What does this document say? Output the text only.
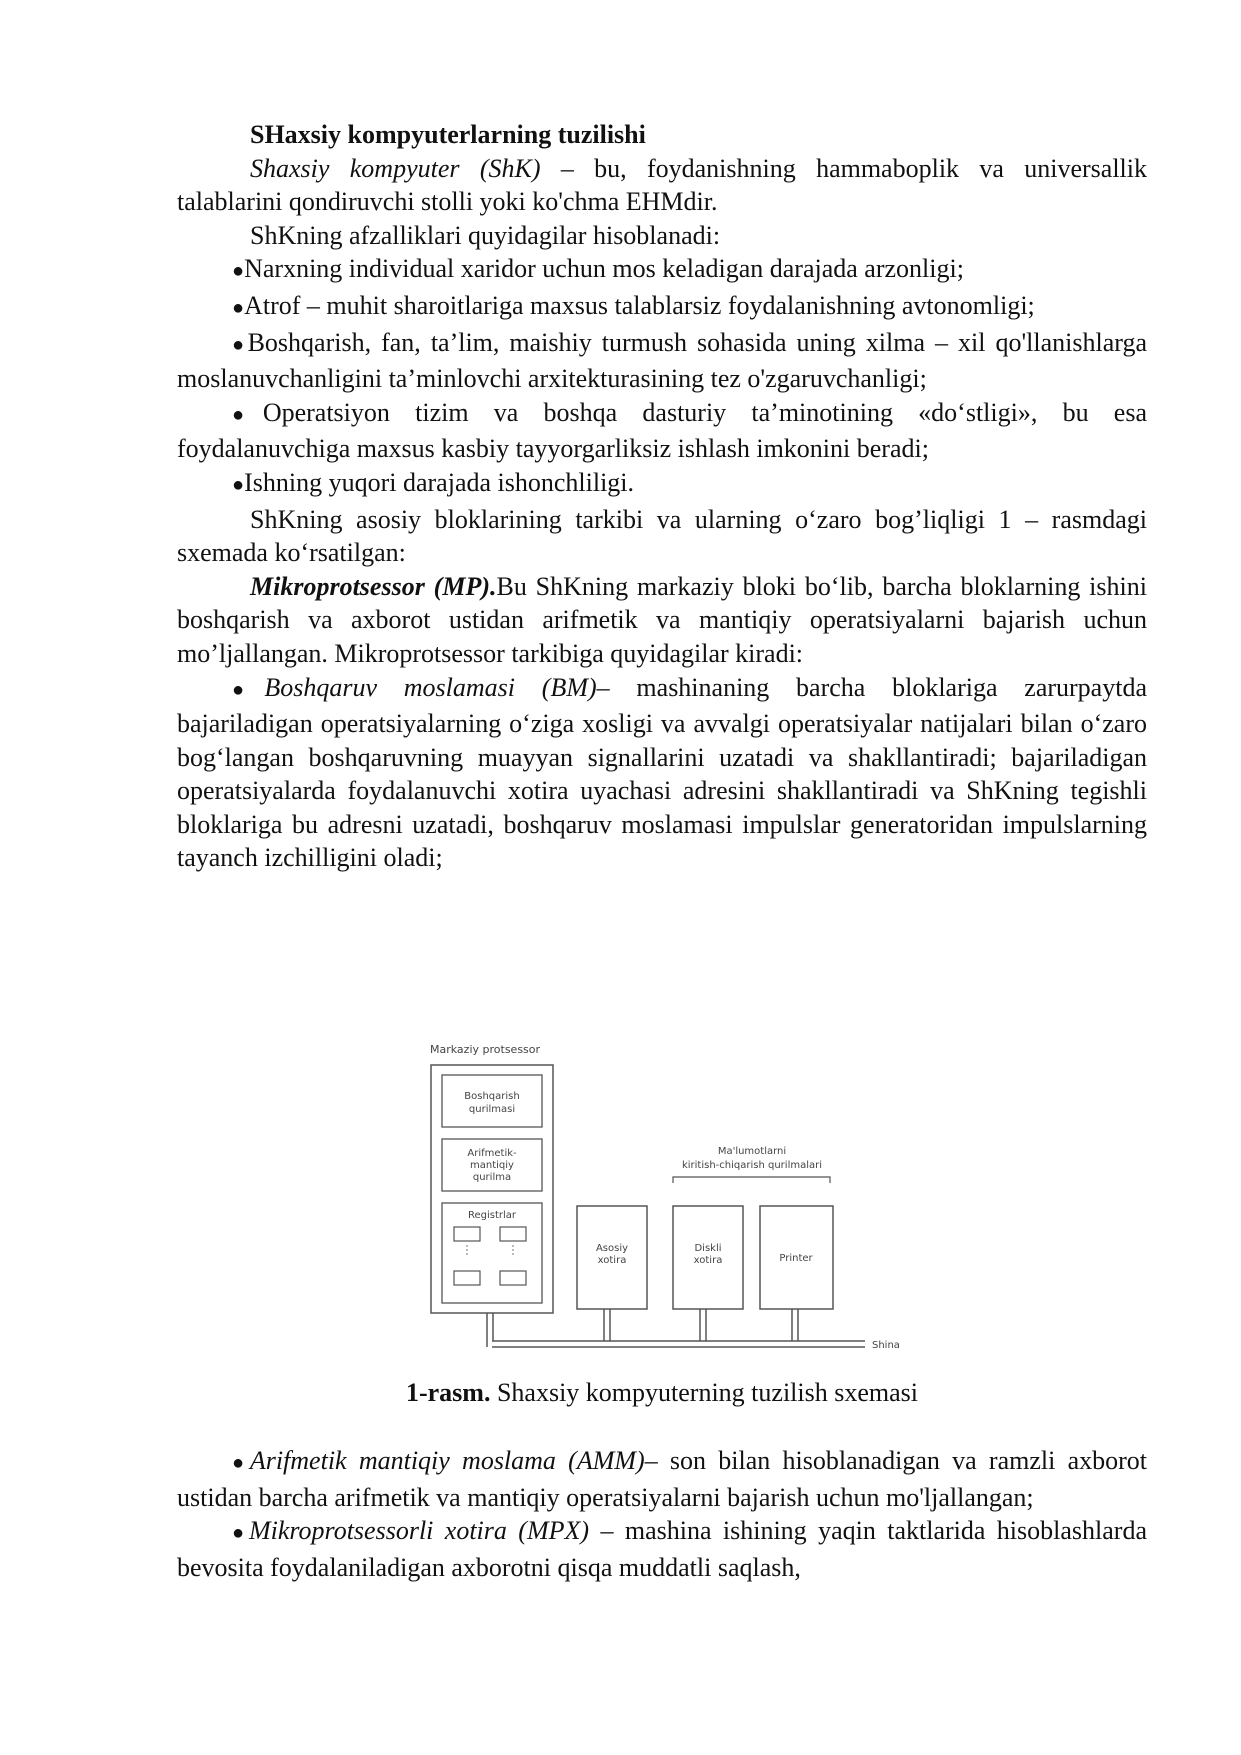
SHaxsiy kompyuterlarning tuzilishi

Shaxsiy kompyuter (ShK) – bu, foydanishning hammaboplik va universallik talablarini qondiruvchi stolli yoki ko'chma EHMdir.

ShKning afzalliklari quyidagilar hisoblanadi:

●Narxning individual xaridor uchun mos keladigan darajada arzonligi;

●Atrof – muhit sharoitlariga maxsus talablarsiz foydalanishning avtonomligi;

●Boshqarish, fan, ta’lim, maishiy turmush sohasida uning xilma – xil qo'llanishlarga moslanuvchanligini ta’minlovchi arxitekturasining tez o'zgaruvchanligi;

●Operatsiyon tizim va boshqa dasturiy ta’minotining «do‘stligi», bu esa foydalanuvchiga maxsus kasbiy tayyorgarliksiz ishlash imkonini beradi;

●Ishning yuqori darajada ishonchliligi.

ShKning asosiy bloklarining tarkibi va ularning o‘zaro bog’liqligi 1 – rasmdagi sxemada ko‘rsatilgan:

Mikroprotsessor (MP).Bu ShKning markaziy bloki bo‘lib, barcha bloklarning ishini boshqarish va axborot ustidan arifmetik va mantiqiy operatsiyalarni bajarish uchun mo’ljallangan. Mikroprotsessor tarkibiga quyidagilar kiradi:

●Boshqaruv moslamasi (BM)– mashinaning barcha bloklariga zarurpaytda bajariladigan operatsiyalarning o‘ziga xosligi va avvalgi operatsiyalar natijalari bilan o‘zaro bog‘langan boshqaruvning muayyan signallarini uzatadi va shakllantiradi; bajariladigan operatsiyalarda foydalanuvchi xotira uyachasi adresini shakllantiradi va ShKning tegishli bloklariga bu adresni uzatadi, boshqaruv moslamasi impulslar generatoridan impulslarning tayanch izchilligini oladi;

Markaziy protsessor
Boshqarish
qurilmasi
Arifmetik-
mantiqiy
qurilma
Registrlar
Asosiy
xotira
Ma'lumotlarni
kiritish-chiqarish qurilmalari
Diskli
xotira	Printer
Shina
1-rasm. Shaxsiy kompyuterning tuzilish sxemasi

●Arifmetik mantiqiy moslama (AMM)– son bilan hisoblanadigan va ramzli axborot ustidan barcha arifmetik va mantiqiy operatsiyalarni bajarish uchun mo'ljallangan;

●Mikroprotsessorli xotira (MPX) – mashina ishining yaqin taktlarida hisoblashlarda bevosita foydalaniladigan axborotni qisqa muddatli saqlash,
